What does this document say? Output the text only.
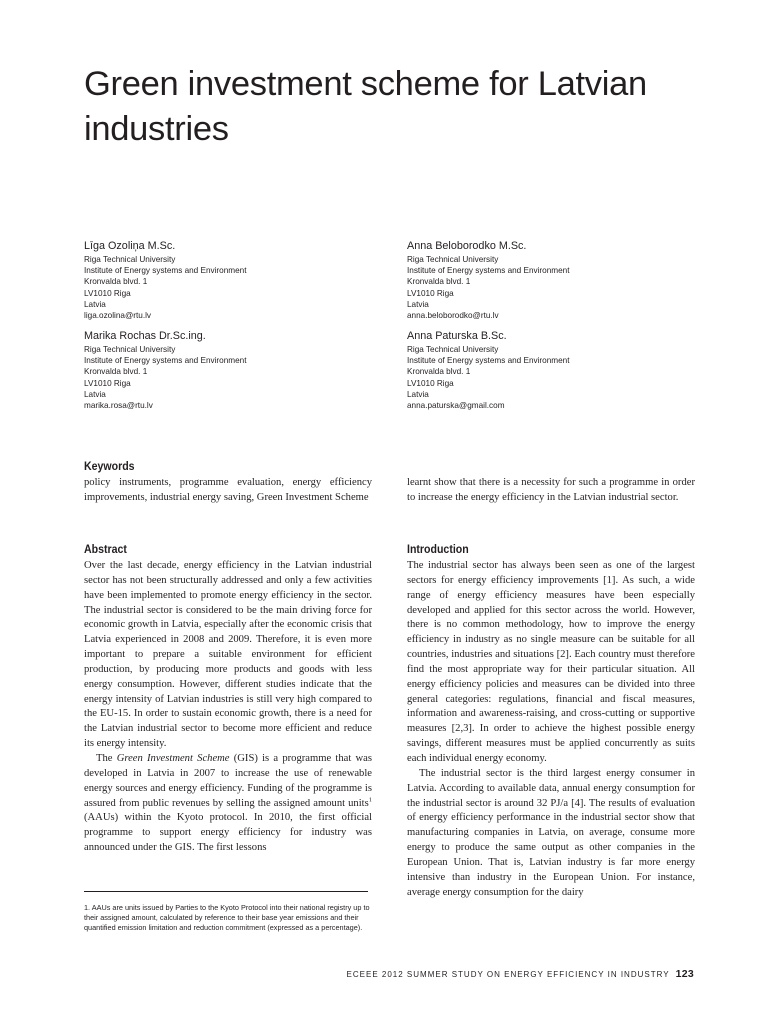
Green investment scheme for Latvian industries
Līga Ozoliņa M.Sc.
Riga Technical University
Institute of Energy systems and Environment
Kronvalda blvd. 1
LV1010 Riga
Latvia
liga.ozolina@rtu.lv
Anna Beloborodko M.Sc.
Riga Technical University
Institute of Energy systems and Environment
Kronvalda blvd. 1
LV1010 Riga
Latvia
anna.beloborodko@rtu.lv
Marika Rochas Dr.Sc.ing.
Riga Technical University
Institute of Energy systems and Environment
Kronvalda blvd. 1
LV1010 Riga
Latvia
marika.rosa@rtu.lv
Anna Paturska B.Sc.
Riga Technical University
Institute of Energy systems and Environment
Kronvalda blvd. 1
LV1010 Riga
Latvia
anna.paturska@gmail.com
Keywords
policy instruments, programme evaluation, energy efficiency improvements, industrial energy saving, Green Investment Scheme
Abstract

Over the last decade, energy efficiency in the Latvian industrial sector has not been structurally addressed and only a few activities have been implemented to promote energy efficiency in the sector. The industrial sector is considered to be the main driving force for economic growth in Latvia, especially after the economic crisis that Latvia experienced in 2008 and 2009. Therefore, it is even more important to prepare a suitable environment for efficient production, by producing more products and goods with less energy consumption. However, different studies indicate that the energy intensity of Latvian industries is still very high compared to the EU-15. In order to sustain economic growth, there is a need for the Latvian industrial sector to become more efficient and reduce its energy intensity.

The Green Investment Scheme (GIS) is a programme that was developed in Latvia in 2007 to increase the use of renewable energy sources and energy efficiency. Funding of the programme is assured from public revenues by selling the assigned amount units$^1$ (AAUs) within the Kyoto protocol. In 2010, the first official programme to support energy efficiency for industry was announced under the GIS. The first lessons

learnt show that there is a necessity for such a programme in order to increase the energy efficiency in the Latvian industrial sector.
Introduction

The industrial sector has always been seen as one of the largest sectors for energy efficiency improvements [1]. As such, a wide range of energy efficiency measures have been especially developed and applied for this sector across the world. However, there is no common methodology, how to improve the energy efficiency in industry as no single measure can be suitable for all countries, industries and situations [2]. Each country must therefore find the most appropriate way for their particular situation. All energy efficiency policies and measures can be divided into three general categories: regulations, financial and fiscal measures, information and awareness-raising, and cross-cutting or supportive measures [2,3]. In order to achieve the highest possible energy savings, different measures must be applied concurrently as suits each individual energy economy.

The industrial sector is the third largest energy consumer in Latvia. According to available data, annual energy consumption for the industrial sector is around 32 PJ/a [4]. The results of evaluation of energy efficiency performance in the industrial sector show that manufacturing companies in Latvia, on average, consume more energy to produce the same output as other companies in the European Union. That is, Latvian industry is far more energy intensive than industry in the European Union. For instance, average energy consumption for the dairy

1. AAUs are units issued by Parties to the Kyoto Protocol into their national registry up to their assigned amount, calculated by reference to their base year emissions and their quantified emission limitation and reduction commitment (expressed as a percentage).
ECEEE 2012 SUMMER STUDY ON ENERGY EFFICIENCY IN INDUSTRY 123
